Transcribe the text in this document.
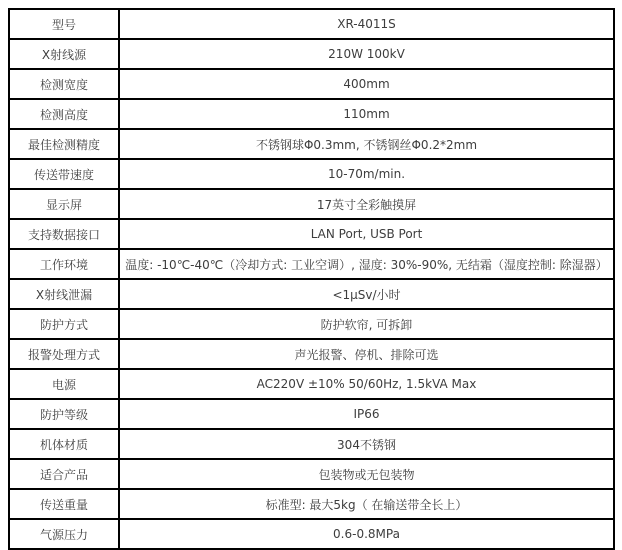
型号	XR-4011S
X射线源	210W 100kV
检测宽度	400mm
检测高度	110mm
最佳检测精度	不锈钢球Φ0.3mm, 不锈钢丝Φ0.2*2mm
传送带速度	10-70m/min.
显示屏	17英寸全彩触摸屏
支持数据接口	LAN Port, USB Port
工作环境	温度: -10℃-40℃（冷却方式: 工业空调）, 湿度: 30%-90%, 无结霜（湿度控制: 除湿器）
X射线泄漏	<1μSv/小时
防护方式	防护软帘, 可拆卸
报警处理方式	声光报警、停机、排除可选
电源	AC220V ±10% 50/60Hz, 1.5kVA Max
防护等级	IP66
机体材质	304不锈钢
适合产品	包装物或无包装物
传送重量	标准型: 最大5kg（ 在输送带全长上）
气源压力	0.6-0.8MPa
